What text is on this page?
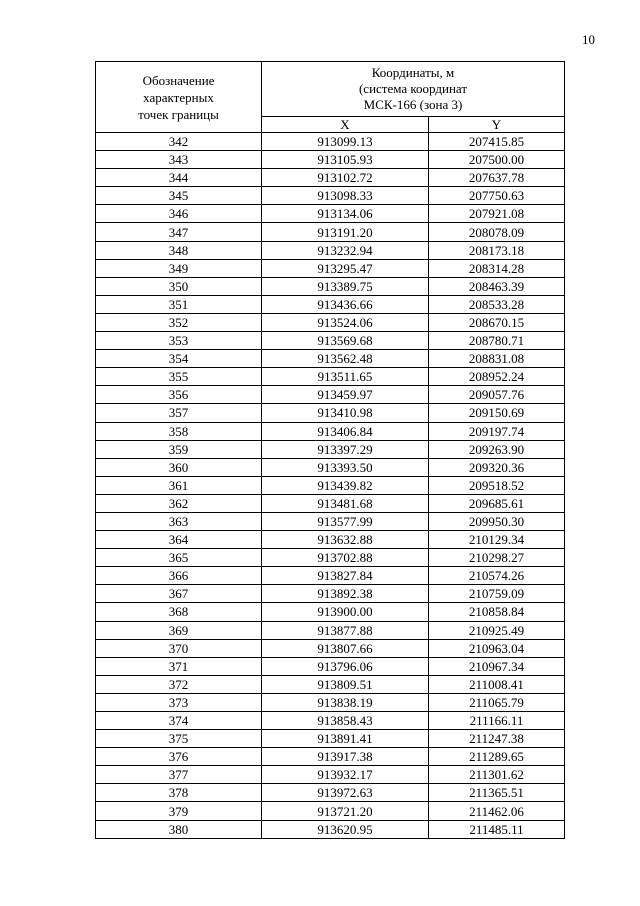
10
Обозначение
характерных
точек границы	Координаты, м
(система координат
МСК-166 (зона 3)	

	X	Y
342	913099.13	207415.85
343	913105.93	207500.00
344	913102.72	207637.78
345	913098.33	207750.63
346	913134.06	207921.08
347	913191.20	208078.09
348	913232.94	208173.18
349	913295.47	208314.28
350	913389.75	208463.39
351	913436.66	208533.28
352	913524.06	208670.15
353	913569.68	208780.71
354	913562.48	208831.08
355	913511.65	208952.24
356	913459.97	209057.76
357	913410.98	209150.69
358	913406.84	209197.74
359	913397.29	209263.90
360	913393.50	209320.36
361	913439.82	209518.52
362	913481.68	209685.61
363	913577.99	209950.30
364	913632.88	210129.34
365	913702.88	210298.27
366	913827.84	210574.26
367	913892.38	210759.09
368	913900.00	210858.84
369	913877.88	210925.49
370	913807.66	210963.04
371	913796.06	210967.34
372	913809.51	211008.41
373	913838.19	211065.79
374	913858.43	211166.11
375	913891.41	211247.38
376	913917.38	211289.65
377	913932.17	211301.62
378	913972.63	211365.51
379	913721.20	211462.06
380	913620.95	211485.11
